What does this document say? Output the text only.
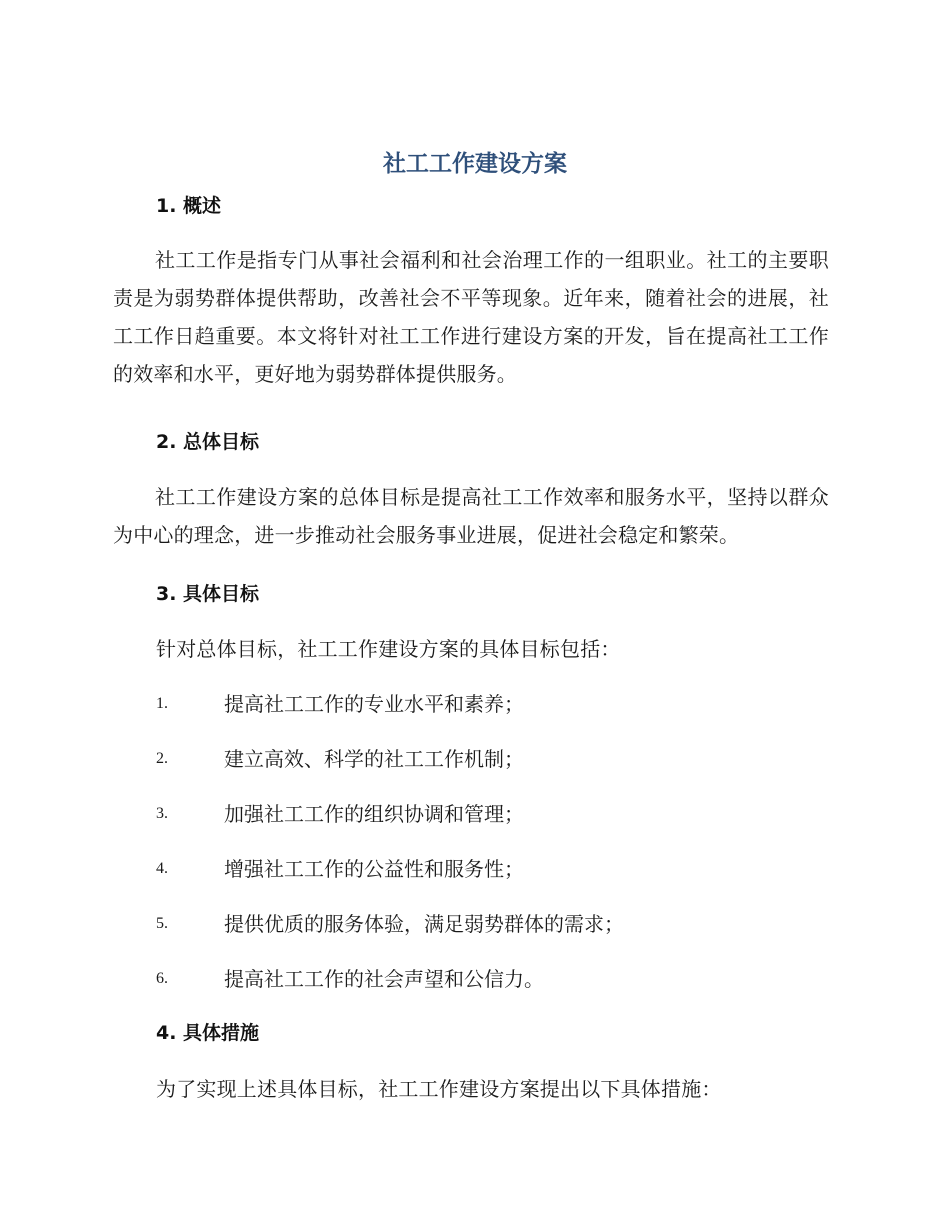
社工工作建设方案
1. 概述

社工工作是指专门从事社会福利和社会治理工作的一组职业。社工的主要职责是为弱势群体提供帮助，改善社会不平等现象。近年来，随着社会的进展，社工工作日趋重要。本文将针对社工工作进行建设方案的开发，旨在提高社工工作的效率和水平，更好地为弱势群体提供服务。

2. 总体目标

社工工作建设方案的总体目标是提高社工工作效率和服务水平，坚持以群众为中心的理念，进一步推动社会服务事业进展，促进社会稳定和繁荣。

3. 具体目标

针对总体目标，社工工作建设方案的具体目标包括：

1.	提高社工工作的专业水平和素养；
2.	建立高效、科学的社工工作机制；
3.	加强社工工作的组织协调和管理；
4.	增强社工工作的公益性和服务性；
5.	提供优质的服务体验，满足弱势群体的需求；
6.	提高社工工作的社会声望和公信力。
4. 具体措施

为了实现上述具体目标，社工工作建设方案提出以下具体措施：
